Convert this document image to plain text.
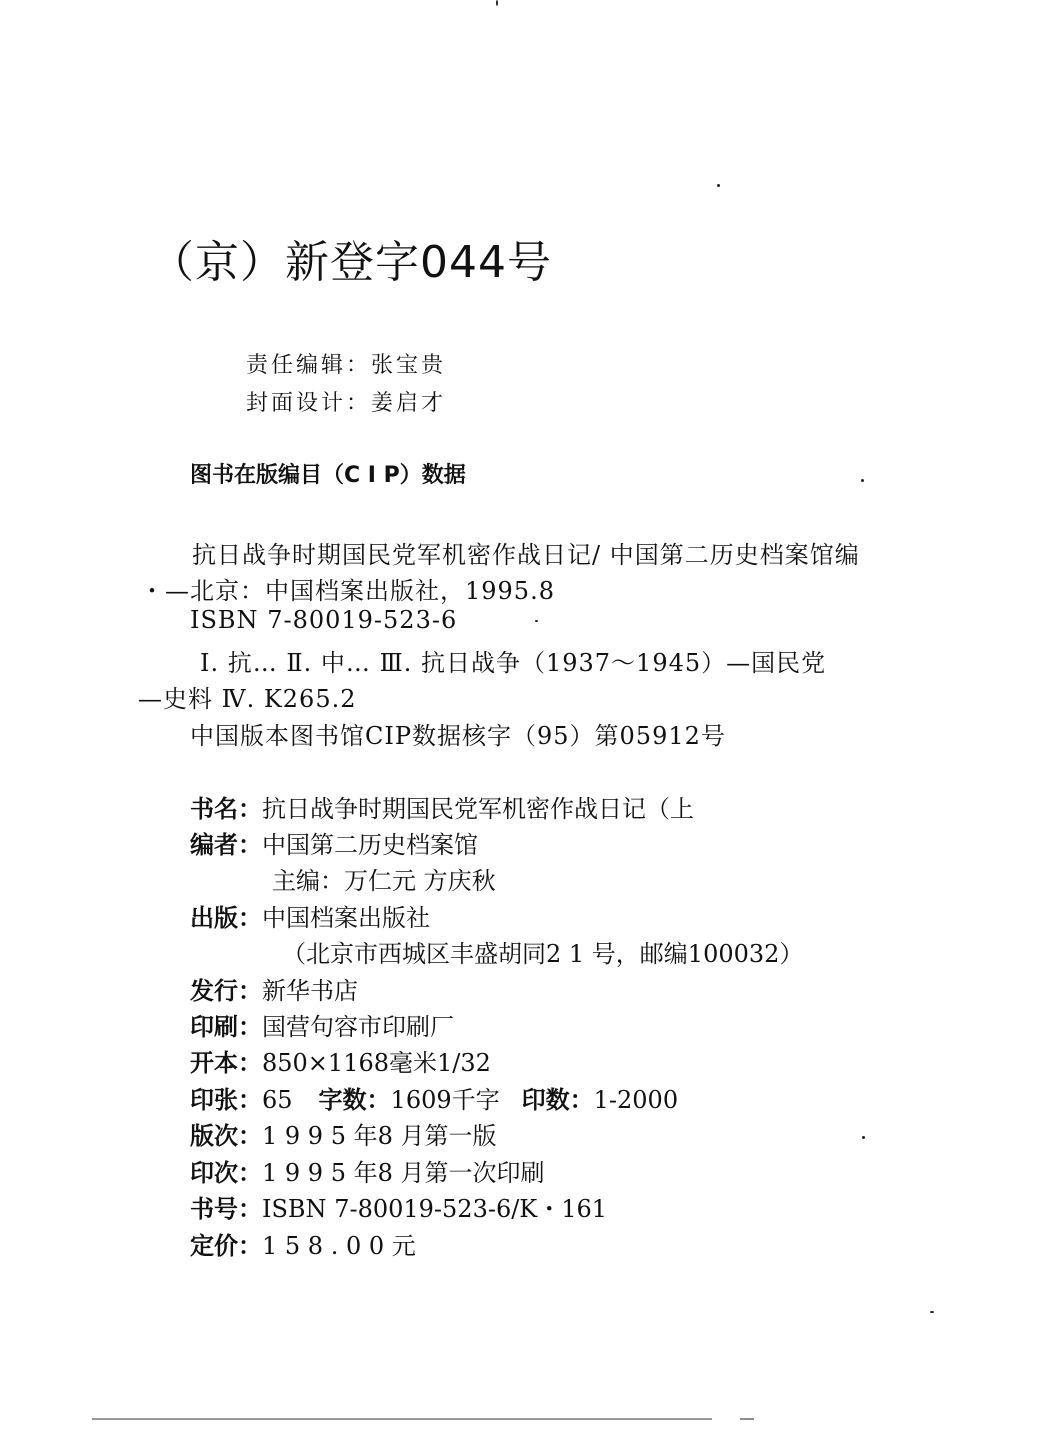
（京）新登字044号
责任编辑：张宝贵
封面设计：姜启才
图书在版编目（C I P）数据
抗日战争时期国民党军机密作战日记/ 中国第二历史档案馆编
・—北京：中国档案出版社，1995.8
ISBN 7-80019-523-6
I. 抗… Ⅱ. 中… Ⅲ. 抗日战争（1937～1945）—国民党
—史料 Ⅳ. K265.2
中国版本图书馆CIP数据核字（95）第05912号
书名：抗日战争时期国民党军机密作战日记（上
编者：中国第二历史档案馆
主编：万仁元 方庆秋
出版：中国档案出版社
（北京市西城区丰盛胡同2 1 号，邮编100032）
发行：新华书店
印刷：国营句容市印刷厂
开本：850×1168毫米1/32
印张：65 字数：1609千字 印数：1-2000
版次：1 9 9 5 年8 月第一版
印次：1 9 9 5 年8 月第一次印刷
书号：ISBN 7-80019-523-6/K・161
定价：1 5 8 . 0 0 元
